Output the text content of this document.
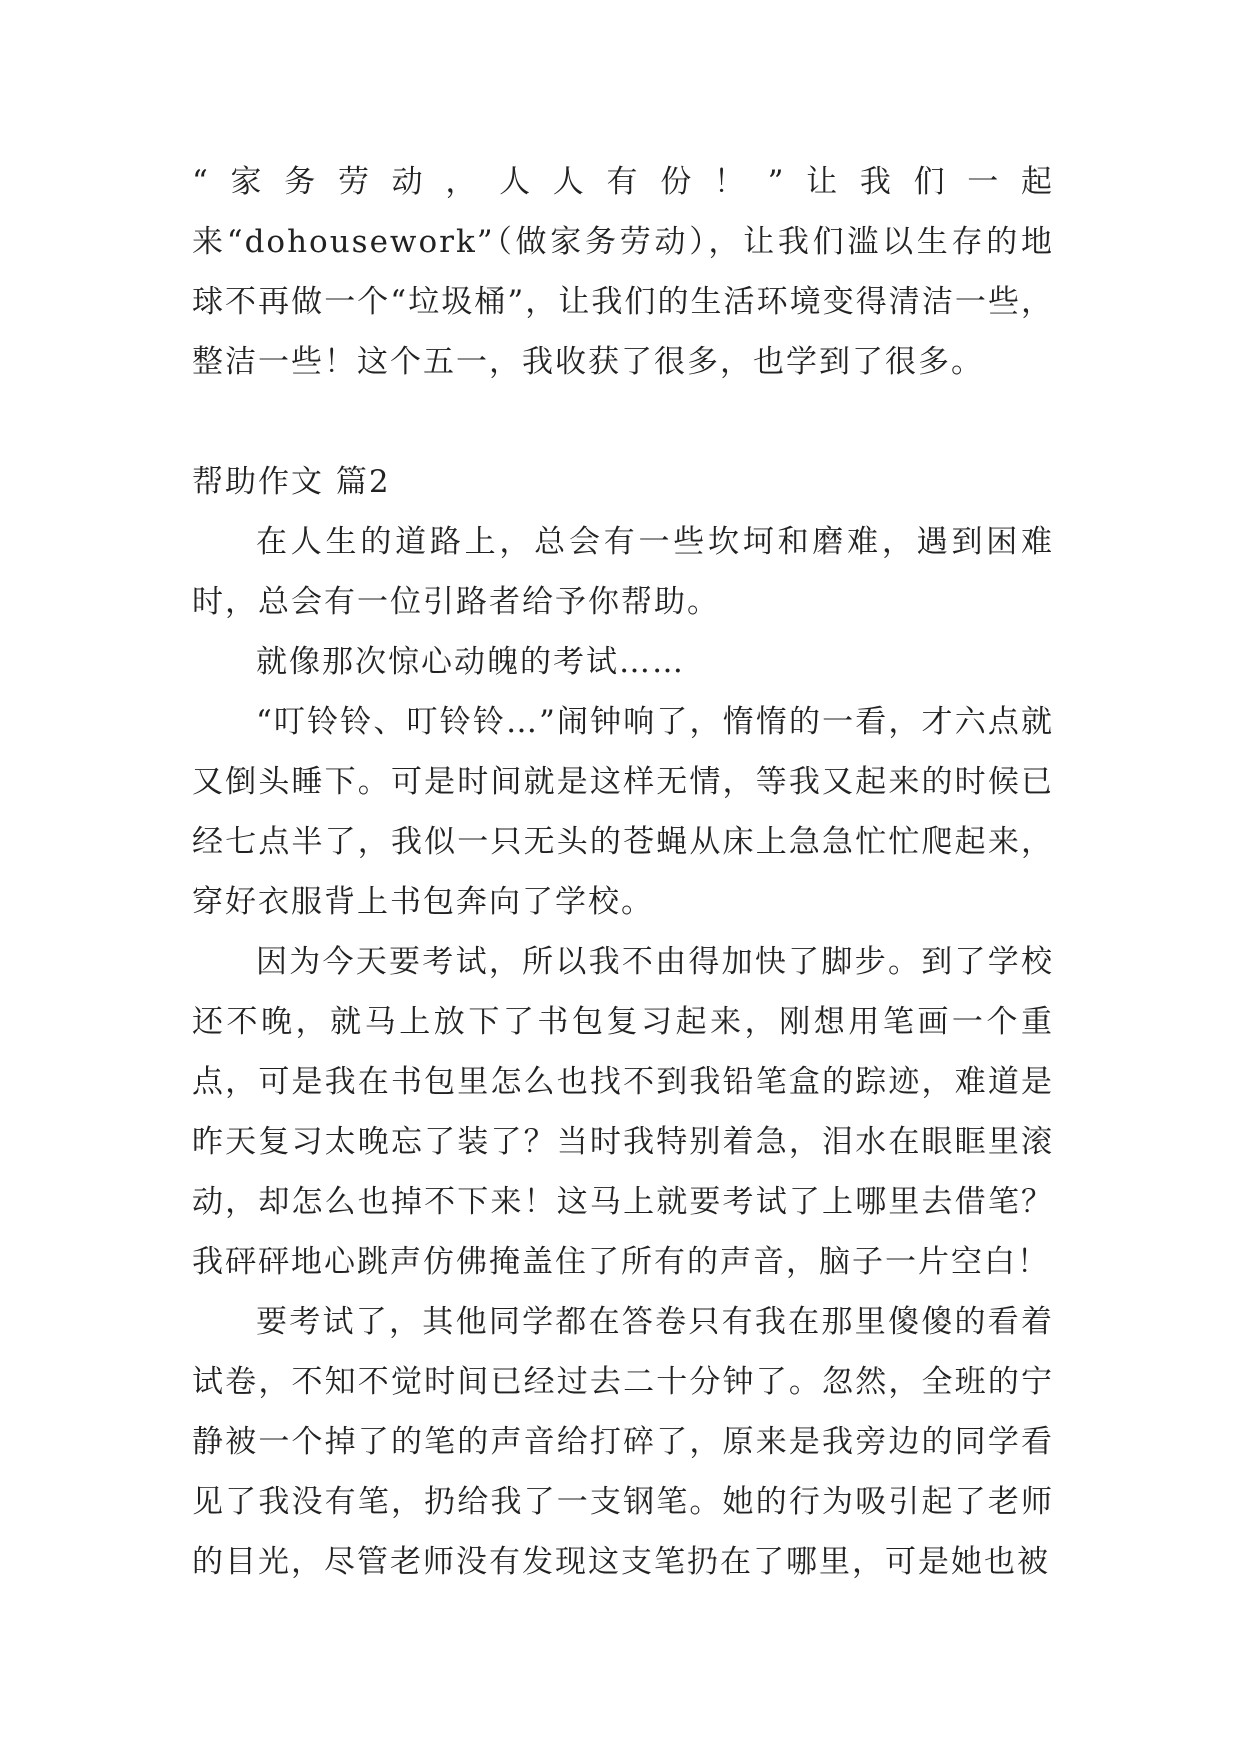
“家务劳动，人人有份！”让我们一起来“dohousework”（做家务劳动），让我们滥以生存的地球不再做一个“垃圾桶”，让我们的生活环境变得清洁一些，整洁一些！这个五一，我收获了很多，也学到了很多。

帮助作文 篇2

在人生的道路上，总会有一些坎坷和磨难，遇到困难时，总会有一位引路者给予你帮助。

就像那次惊心动魄的考试……

“叮铃铃、叮铃铃…”闹钟响了，惰惰的一看，才六点就又倒头睡下。可是时间就是这样无情，等我又起来的时候已经七点半了，我似一只无头的苍蝇从床上急急忙忙爬起来，穿好衣服背上书包奔向了学校。

因为今天要考试，所以我不由得加快了脚步。到了学校还不晚，就马上放下了书包复习起来，刚想用笔画一个重点，可是我在书包里怎么也找不到我铅笔盒的踪迹，难道是昨天复习太晚忘了装了？当时我特别着急，泪水在眼眶里滚动，却怎么也掉不下来！这马上就要考试了上哪里去借笔？我砰砰地心跳声仿佛掩盖住了所有的声音，脑子一片空白！

要考试了，其他同学都在答卷只有我在那里傻傻的看着试卷，不知不觉时间已经过去二十分钟了。忽然，全班的宁静被一个掉了的笔的声音给打碎了，原来是我旁边的同学看见了我没有笔，扔给我了一支钢笔。她的行为吸引起了老师的目光，尽管老师没有发现这支笔扔在了哪里，可是她也被
